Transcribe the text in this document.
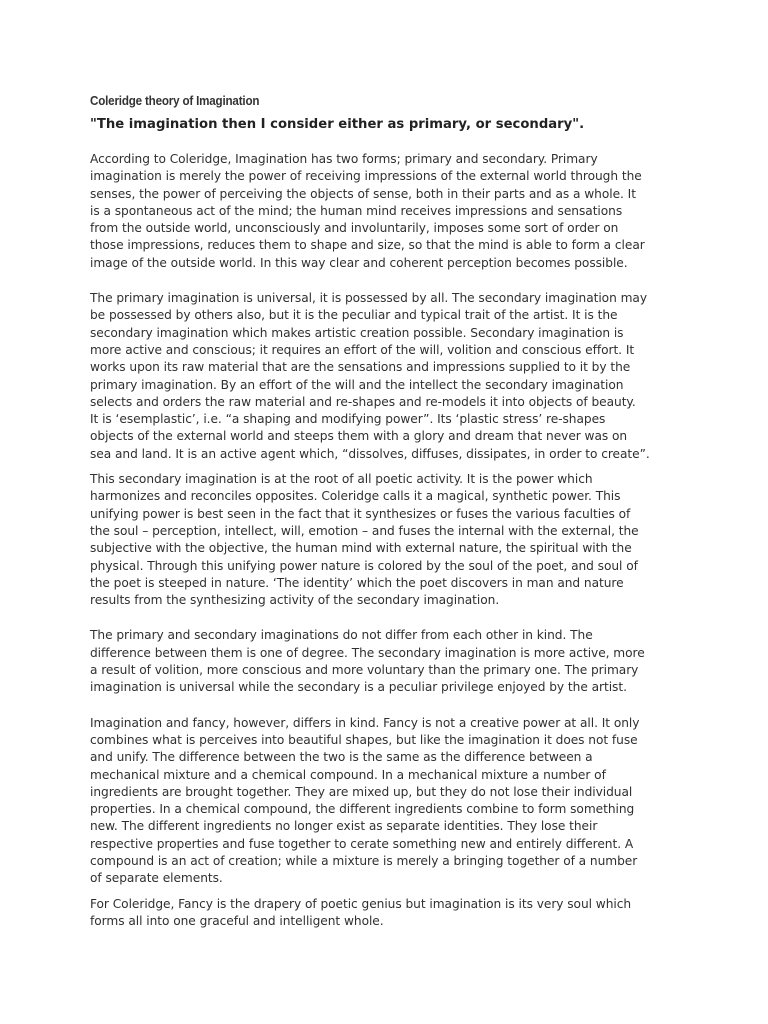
Coleridge theory of Imagination
"The imagination then I consider either as primary, or secondary".
According to Coleridge, Imagination has two forms; primary and secondary. Primary
imagination is merely the power of receiving impressions of the external world through the
senses, the power of perceiving the objects of sense, both in their parts and as a whole. It
is a spontaneous act of the mind; the human mind receives impressions and sensations
from the outside world, unconsciously and involuntarily, imposes some sort of order on
those impressions, reduces them to shape and size, so that the mind is able to form a clear
image of the outside world. In this way clear and coherent perception becomes possible.
The primary imagination is universal, it is possessed by all. The secondary imagination may
be possessed by others also, but it is the peculiar and typical trait of the artist. It is the
secondary imagination which makes artistic creation possible. Secondary imagination is
more active and conscious; it requires an effort of the will, volition and conscious effort. It
works upon its raw material that are the sensations and impressions supplied to it by the
primary imagination. By an effort of the will and the intellect the secondary imagination
selects and orders the raw material and re-shapes and re-models it into objects of beauty.
It is ‘esemplastic’, i.e. “a shaping and modifying power”. Its ‘plastic stress’ re-shapes
objects of the external world and steeps them with a glory and dream that never was on
sea and land. It is an active agent which, “dissolves, diffuses, dissipates, in order to create”.
This secondary imagination is at the root of all poetic activity. It is the power which
harmonizes and reconciles opposites. Coleridge calls it a magical, synthetic power. This
unifying power is best seen in the fact that it synthesizes or fuses the various faculties of
the soul – perception, intellect, will, emotion – and fuses the internal with the external, the
subjective with the objective, the human mind with external nature, the spiritual with the
physical. Through this unifying power nature is colored by the soul of the poet, and soul of
the poet is steeped in nature. ‘The identity’ which the poet discovers in man and nature
results from the synthesizing activity of the secondary imagination.
The primary and secondary imaginations do not differ from each other in kind. The
difference between them is one of degree. The secondary imagination is more active, more
a result of volition, more conscious and more voluntary than the primary one. The primary
imagination is universal while the secondary is a peculiar privilege enjoyed by the artist.
Imagination and fancy, however, differs in kind. Fancy is not a creative power at all. It only
combines what is perceives into beautiful shapes, but like the imagination it does not fuse
and unify. The difference between the two is the same as the difference between a
mechanical mixture and a chemical compound. In a mechanical mixture a number of
ingredients are brought together. They are mixed up, but they do not lose their individual
properties. In a chemical compound, the different ingredients combine to form something
new. The different ingredients no longer exist as separate identities. They lose their
respective properties and fuse together to cerate something new and entirely different. A
compound is an act of creation; while a mixture is merely a bringing together of a number
of separate elements.
For Coleridge, Fancy is the drapery of poetic genius but imagination is its very soul which
forms all into one graceful and intelligent whole.
